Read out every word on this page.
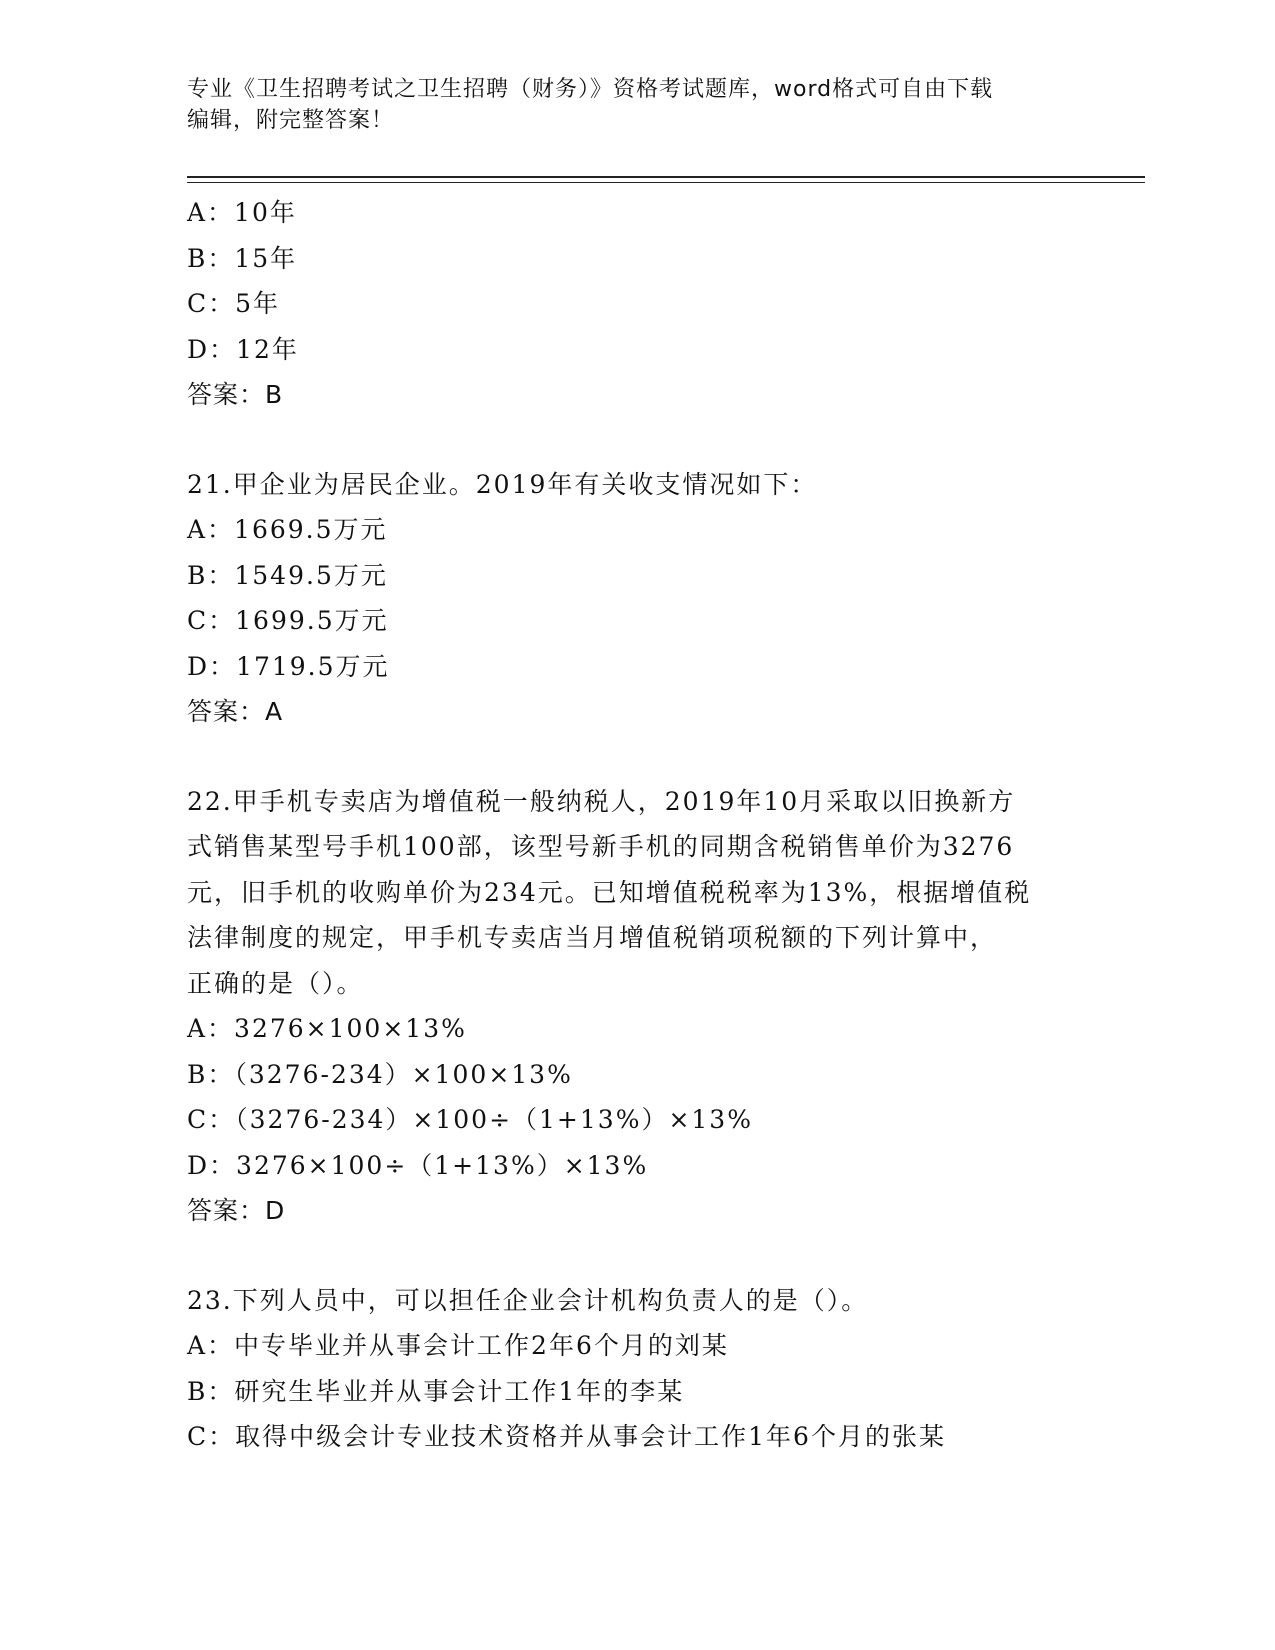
专业《卫生招聘考试之卫生招聘（财务）》资格考试题库，word格式可自由下载
编辑，附完整答案！
A：10年
B：15年
C：5年
D：12年
答案：B
21.甲企业为居民企业。2019年有关收支情况如下：
A：1669.5万元
B：1549.5万元
C：1699.5万元
D：1719.5万元
答案：A
22.甲手机专卖店为增值税一般纳税人，2019年10月采取以旧换新方
式销售某型号手机100部，该型号新手机的同期含税销售单价为3276
元，旧手机的收购单价为234元。已知增值税税率为13%，根据增值税
法律制度的规定，甲手机专卖店当月增值税销项税额的下列计算中，
正确的是（）。
A：3276×100×13%
B：（3276-234）×100×13%
C：（3276-234）×100÷（1+13%）×13%
D：3276×100÷（1+13%）×13%
答案：D
23.下列人员中，可以担任企业会计机构负责人的是（）。
A：中专毕业并从事会计工作2年6个月的刘某
B：研究生毕业并从事会计工作1年的李某
C：取得中级会计专业技术资格并从事会计工作1年6个月的张某
